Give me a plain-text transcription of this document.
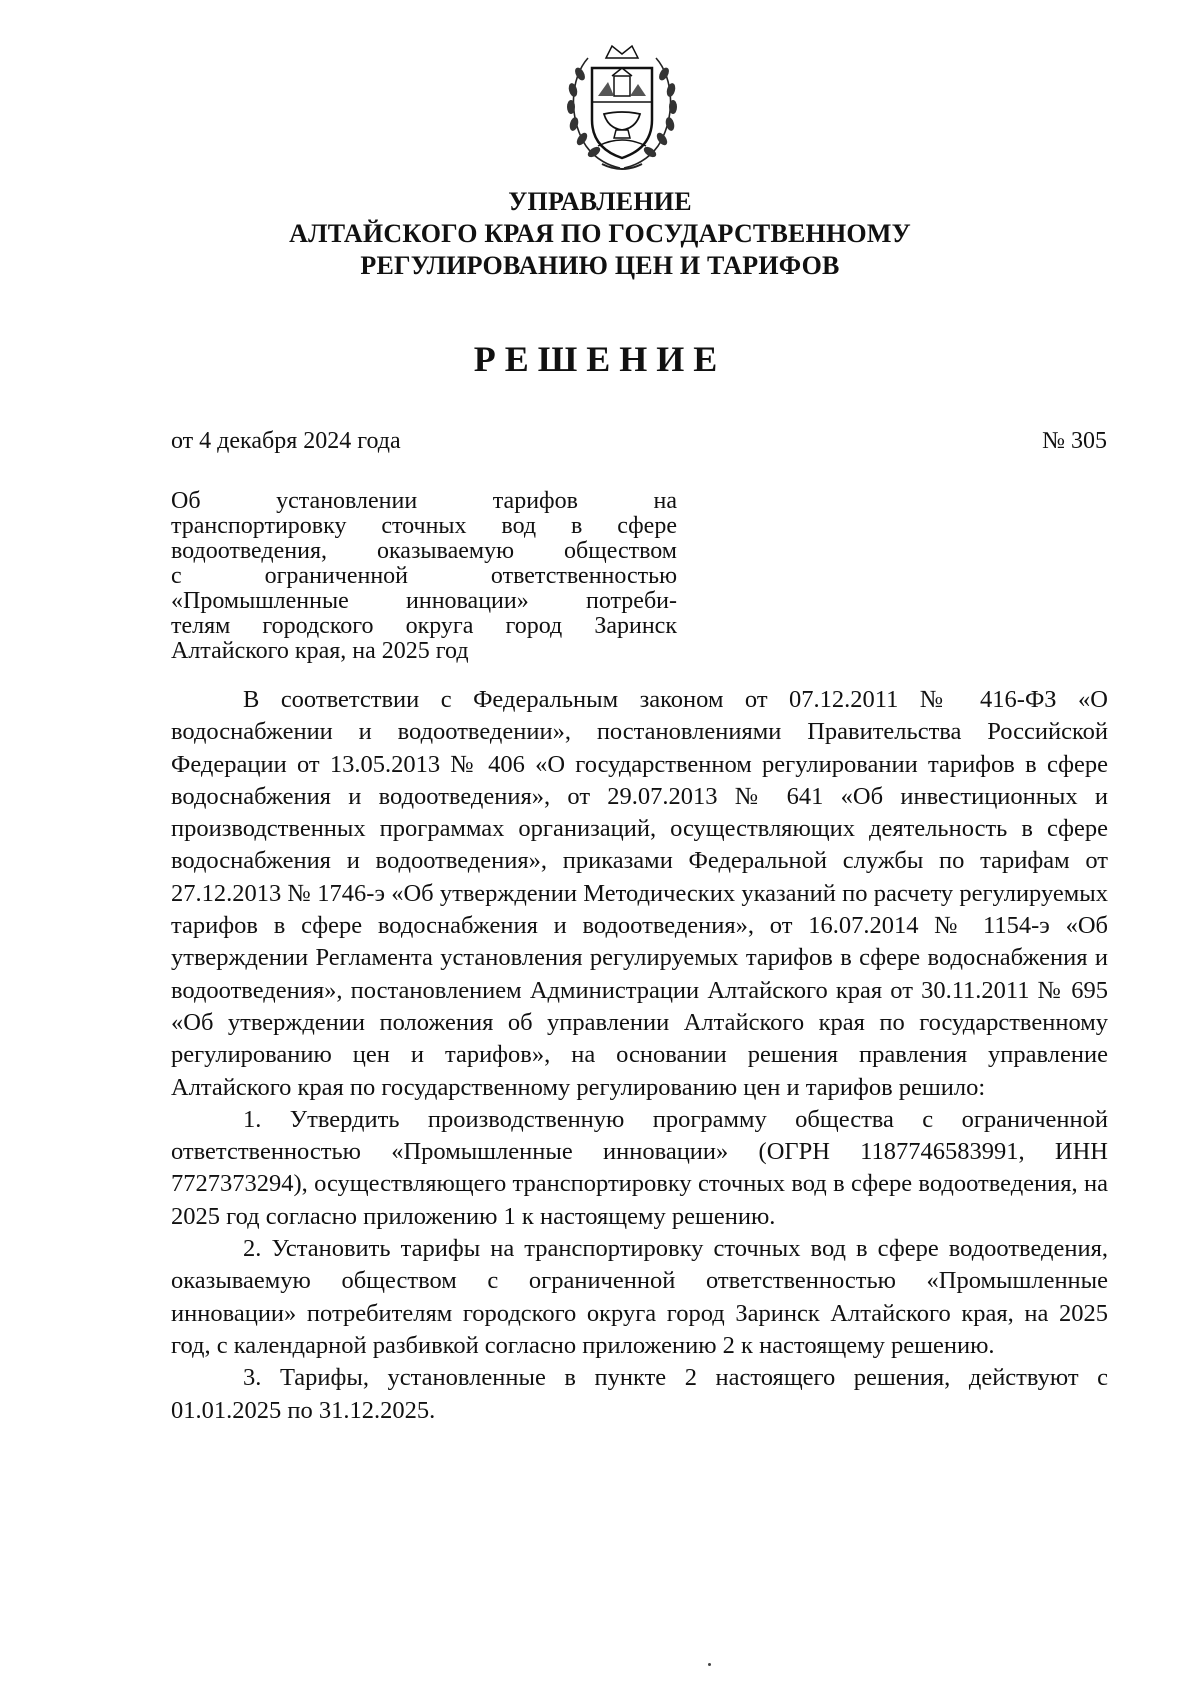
УПРАВЛЕНИЕ
АЛТАЙСКОГО КРАЯ ПО ГОСУДАРСТВЕННОМУ
РЕГУЛИРОВАНИЮ ЦЕН И ТАРИФОВ
РЕШЕНИЕ
от 4 декабря 2024 года	№ 305
Об установлении тарифов на
транспортировку сточных вод в сфере
водоотведения, оказываемую обществом
с ограниченной ответственностью
«Промышленные инновации» потреби-
телям городского округа город Заринск
Алтайского края, на 2025 год

В соответствии с Федеральным законом от 07.12.2011 № 416-ФЗ «О водоснабжении и водоотведении», постановлениями Правительства Российской Федерации от 13.05.2013 № 406 «О государственном регулировании тарифов в сфере водоснабжения и водоотведения», от 29.07.2013 № 641 «Об инвестиционных и производственных программах организаций, осуществляющих деятельность в сфере водоснабжения и водоотведения», приказами Федеральной службы по тарифам от 27.12.2013 № 1746-э «Об утверждении Методических указаний по расчету регулируемых тарифов в сфере водоснабжения и водоотведения», от 16.07.2014 № 1154-э «Об утверждении Регламента установления регулируемых тарифов в сфере водоснабжения и водоотведения», постановлением Администрации Алтайского края от 30.11.2011 № 695 «Об утверждении положения об управлении Алтайского края по государственному регулированию цен и тарифов», на основании решения правления управление Алтайского края по государственному регулированию цен и тарифов решило:

1. Утвердить производственную программу общества с ограниченной ответственностью «Промышленные инновации» (ОГРН 1187746583991, ИНН 7727373294), осуществляющего транспортировку сточных вод в сфере водоотведения, на 2025 год согласно приложению 1 к настоящему решению.

2. Установить тарифы на транспортировку сточных вод в сфере водоотведения, оказываемую обществом с ограниченной ответственностью «Промышленные инновации» потребителям городского округа город Заринск Алтайского края, на 2025 год, с календарной разбивкой согласно приложению 2 к настоящему решению.

3. Тарифы, установленные в пункте 2 настоящего решения, действуют с 01.01.2025 по 31.12.2025.
